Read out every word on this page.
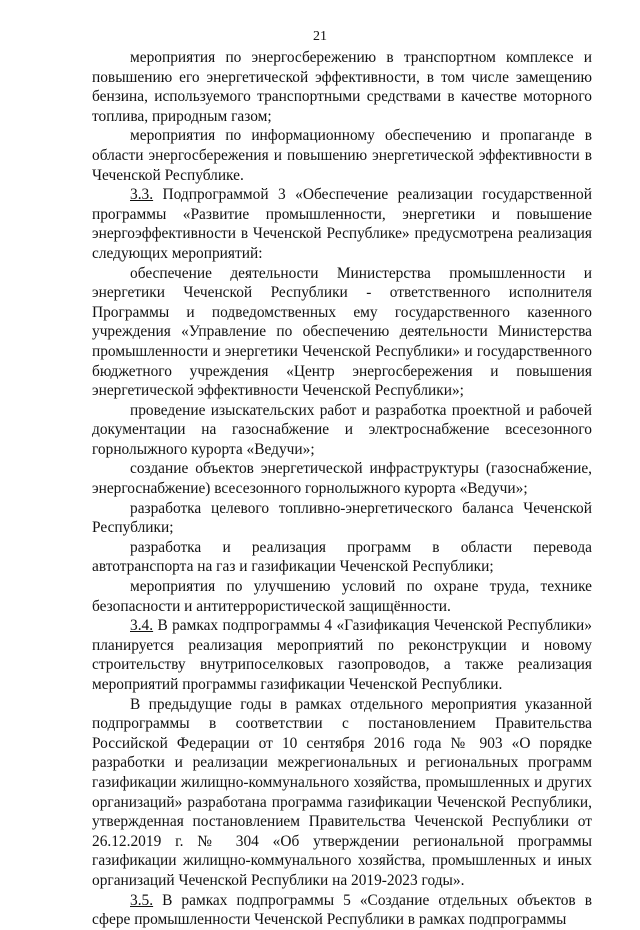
21

мероприятия по энергосбережению в транспортном комплексе и повышению его энергетической эффективности, в том числе замещению бензина, используемого транспортными средствами в качестве моторного топлива, природным газом;

мероприятия по информационному обеспечению и пропаганде в области энергосбережения и повышению энергетической эффективности в Чеченской Республике.

3.3. Подпрограммой 3 «Обеспечение реализации государственной программы «Развитие промышленности, энергетики и повышение энергоэффективности в Чеченской Республике» предусмотрена реализация следующих мероприятий:

обеспечение деятельности Министерства промышленности и энергетики Чеченской Республики - ответственного исполнителя Программы и подведомственных ему государственного казенного учреждения «Управление по обеспечению деятельности Министерства промышленности и энергетики Чеченской Республики» и государственного бюджетного учреждения «Центр энергосбережения и повышения энергетической эффективности Чеченской Республики»;

проведение изыскательских работ и разработка проектной и рабочей документации на газоснабжение и электроснабжение всесезонного горнолыжного курорта «Ведучи»;

создание объектов энергетической инфраструктуры (газоснабжение, энергоснабжение) всесезонного горнолыжного курорта «Ведучи»;

разработка целевого топливно-энергетического баланса Чеченской Республики;

разработка и реализация программ в области перевода автотранспорта на газ и газификации Чеченской Республики;

мероприятия по улучшению условий по охране труда, технике безопасности и антитеррористической защищённости.

3.4. В рамках подпрограммы 4 «Газификация Чеченской Республики» планируется реализация мероприятий по реконструкции и новому строительству внутрипоселковых газопроводов, а также реализация мероприятий программы газификации Чеченской Республики.

В предыдущие годы в рамках отдельного мероприятия указанной подпрограммы в соответствии с постановлением Правительства Российской Федерации от 10 сентября 2016 года № 903 «О порядке разработки и реализации межрегиональных и региональных программ газификации жилищно-коммунального хозяйства, промышленных и других организаций» разработана программа газификации Чеченской Республики, утвержденная постановлением Правительства Чеченской Республики от 26.12.2019 г. № 304 «Об утверждении региональной программы газификации жилищно-коммунального хозяйства, промышленных и иных организаций Чеченской Республики на 2019-2023 годы».

3.5. В рамках подпрограммы 5 «Создание отдельных объектов в сфере промышленности Чеченской Республики в рамках подпрограммы
